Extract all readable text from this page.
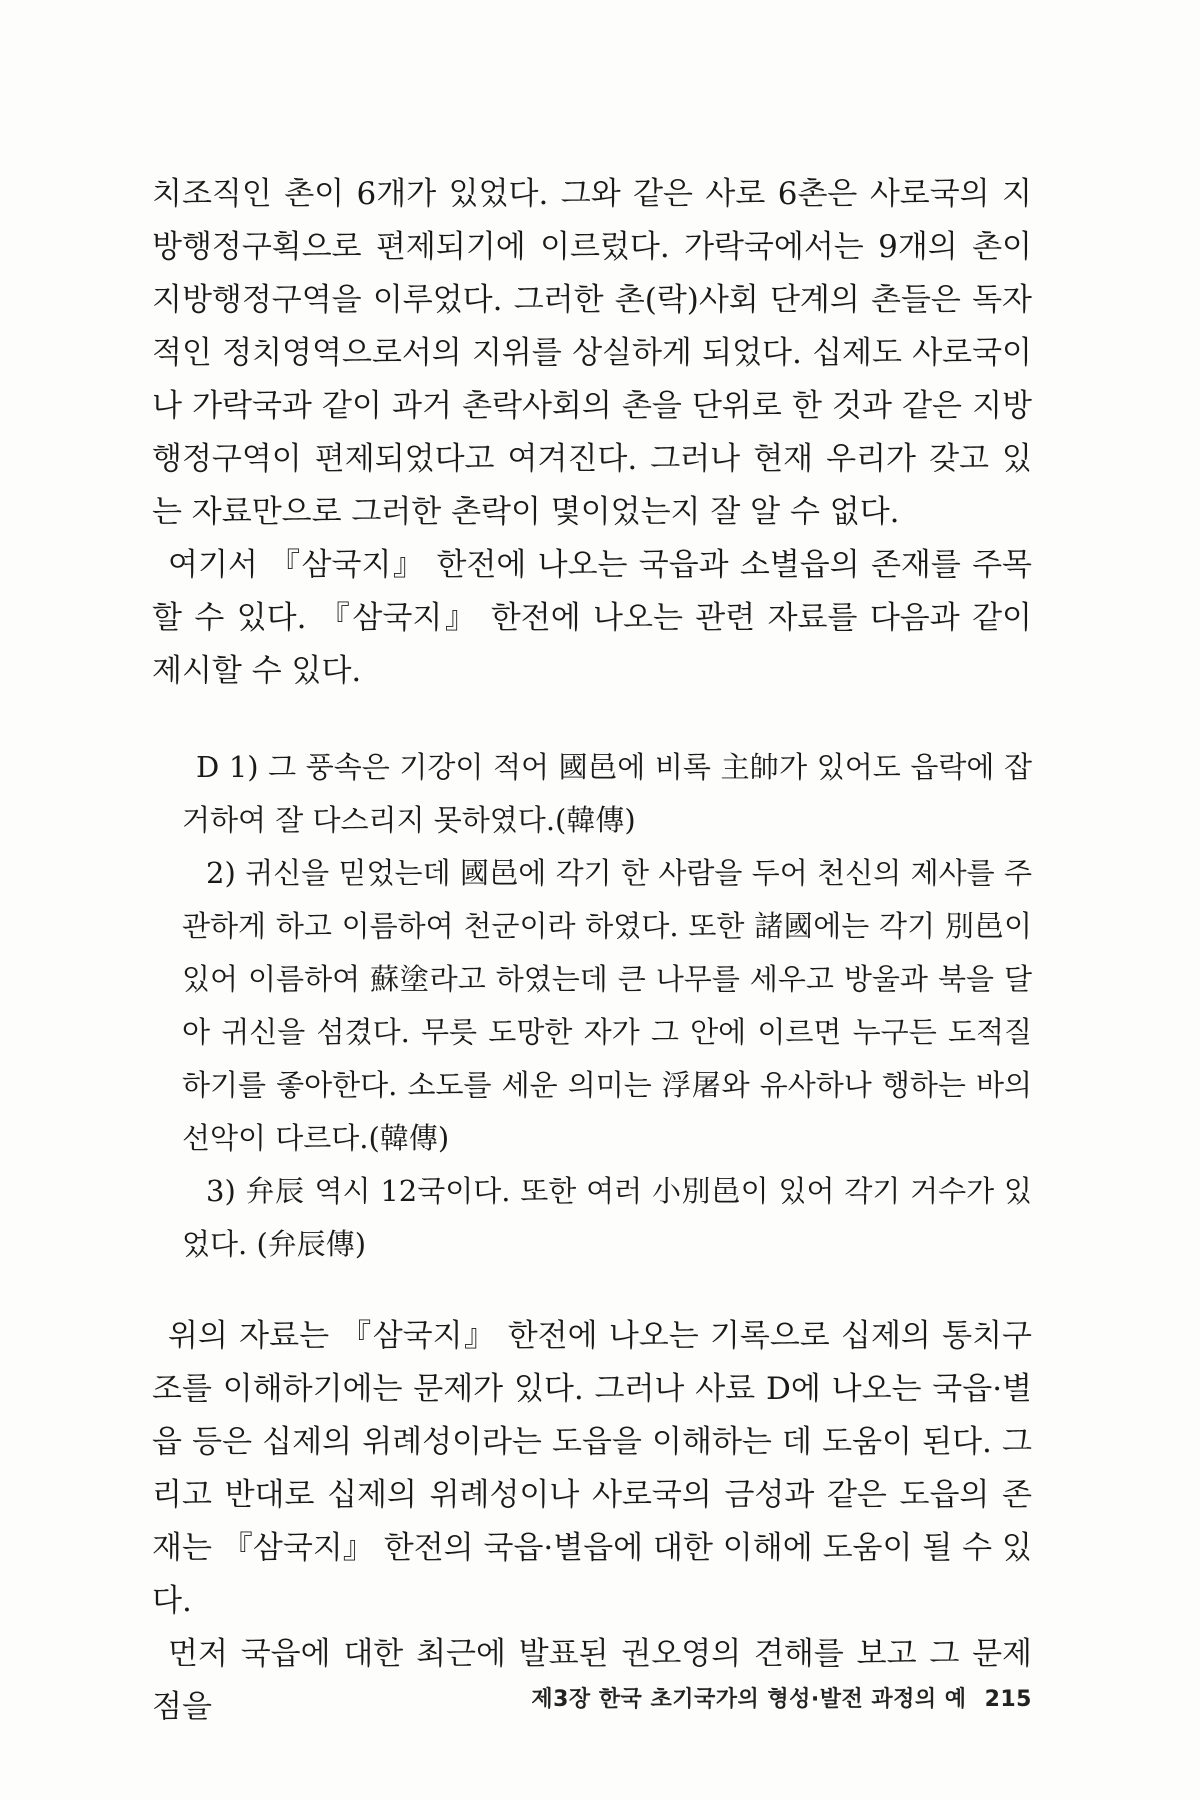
치조직인 촌이 6개가 있었다. 그와 같은 사로 6촌은 사로국의 지방행정구획으로 편제되기에 이르렀다. 가락국에서는 9개의 촌이 지방행정구역을 이루었다. 그러한 촌(락)사회 단계의 촌들은 독자적인 정치영역으로서의 지위를 상실하게 되었다. 십제도 사로국이나 가락국과 같이 과거 촌락사회의 촌을 단위로 한 것과 같은 지방행정구역이 편제되었다고 여겨진다. 그러나 현재 우리가 갖고 있는 자료만으로 그러한 촌락이 몇이었는지 잘 알 수 없다.

여기서 『삼국지』 한전에 나오는 국읍과 소별읍의 존재를 주목할 수 있다. 『삼국지』 한전에 나오는 관련 자료를 다음과 같이 제시할 수 있다.

D 1) 그 풍속은 기강이 적어 國邑에 비록 主帥가 있어도 읍락에 잡거하여 잘 다스리지 못하였다.(韓傳)

2) 귀신을 믿었는데 國邑에 각기 한 사람을 두어 천신의 제사를 주관하게 하고 이름하여 천군이라 하였다. 또한 諸國에는 각기 別邑이 있어 이름하여 蘇塗라고 하였는데 큰 나무를 세우고 방울과 북을 달아 귀신을 섬겼다. 무릇 도망한 자가 그 안에 이르면 누구든 도적질하기를 좋아한다. 소도를 세운 의미는 浮屠와 유사하나 행하는 바의 선악이 다르다.(韓傳)

3) 弁辰 역시 12국이다. 또한 여러 小別邑이 있어 각기 거수가 있었다. (弁辰傳)

위의 자료는 『삼국지』 한전에 나오는 기록으로 십제의 통치구조를 이해하기에는 문제가 있다. 그러나 사료 D에 나오는 국읍·별읍 등은 십제의 위례성이라는 도읍을 이해하는 데 도움이 된다. 그리고 반대로 십제의 위례성이나 사로국의 금성과 같은 도읍의 존재는 『삼국지』 한전의 국읍·별읍에 대한 이해에 도움이 될 수 있다.

먼저 국읍에 대한 최근에 발표된 권오영의 견해를 보고 그 문제점을	제3장 한국 초기국가의 형성·발전 과정의 예 215
